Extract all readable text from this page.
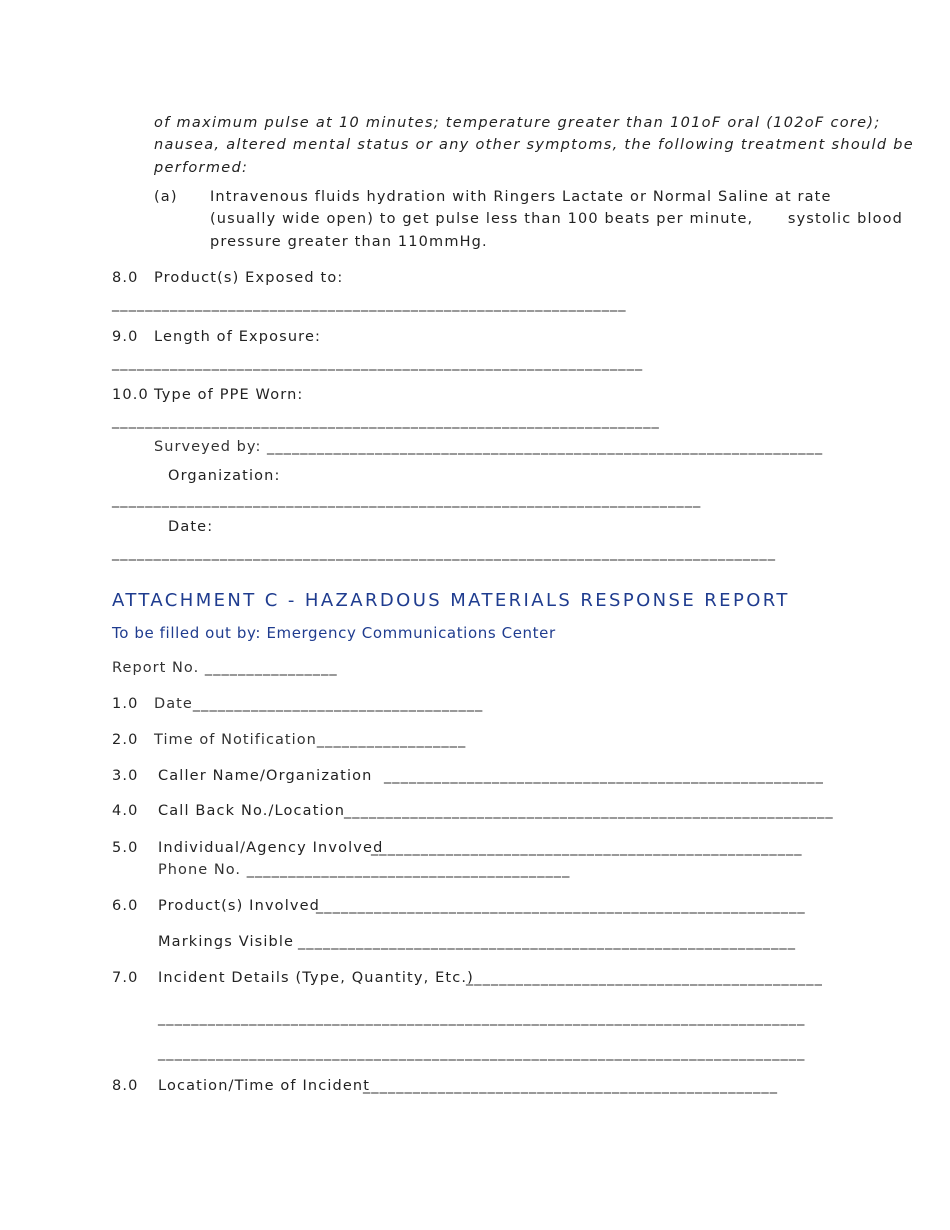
of maximum pulse at 10 minutes; temperature greater than 101oF oral (102oF core);
nausea, altered mental status or any other symptoms, the following treatment should be
performed:
(a) Intravenous fluids hydration with Ringers Lactate or Normal Saline at rate
(usually wide open) to get pulse less than 100 beats per minute,      systolic blood
pressure greater than 110mmHg.
8.0 Product(s) Exposed to:
______________________________________________________________
9.0 Length of Exposure:
________________________________________________________________
10.0 Type of PPE Worn:
__________________________________________________________________
Surveyed by: ___________________________________________________________________
Organization:
_______________________________________________________________________
Date:
________________________________________________________________________________
ATTACHMENT C - HAZARDOUS MATERIALS RESPONSE REPORT
To be filled out by: Emergency Communications Center
Report No. ________________
1.0 Date___________________________________
2.0 Time of Notification__________________
3.0 Caller Name/Organization _____________________________________________________
4.0 Call Back No./Location
___________________________________________________________
5.0 Individual/Agency Involved
____________________________________________________
Phone No. _______________________________________
6.0 Product(s) Involved
___________________________________________________________
Markings Visible ____________________________________________________________
7.0 Incident Details (Type, Quantity, Etc.)
___________________________________________
______________________________________________________________________________
______________________________________________________________________________
8.0 Location/Time of Incident
__________________________________________________
